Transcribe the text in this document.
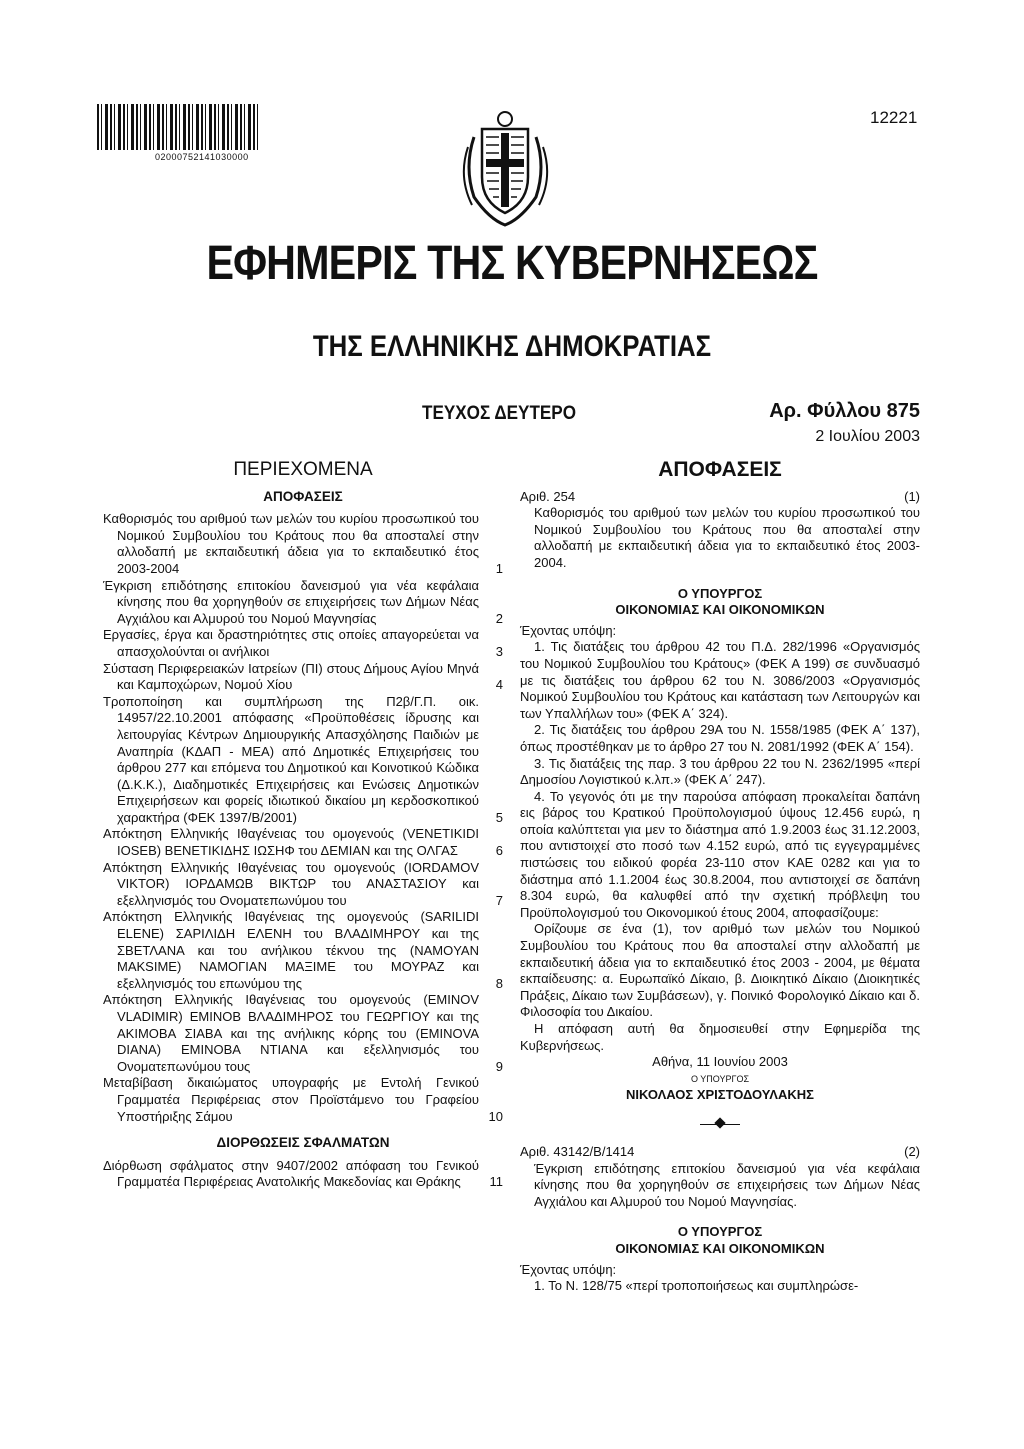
02000752141030000
12221
ΕΦΗΜΕΡΙΣ ΤΗΣ ΚΥΒΕΡΝΗΣΕΩΣ
ΤΗΣ ΕΛΛΗΝΙΚΗΣ ΔΗΜΟΚΡΑΤΙΑΣ
ΤΕΥΧΟΣ ΔΕΥΤΕΡΟ	Αρ. Φύλλου 875
2 Ιουλίου 2003
ΠΕΡΙΕΧΟΜΕΝΑ
ΑΠΟΦΑΣΕΙΣ
Καθορισμός του αριθμού των μελών του κυρίου προσωπικού του Νομικού Συμβουλίου του Κράτους που θα αποσταλεί στην αλλοδαπή με εκπαιδευτική άδεια για το εκπαιδευτικό έτος 2003-2004	1
Έγκριση επιδότησης επιτοκίου δανεισμού για νέα κεφάλαια κίνησης που θα χορηγηθούν σε επιχειρήσεις των Δήμων Νέας Αγχιάλου και Αλμυρού του Νομού Μαγνησίας	2
Εργασίες, έργα και δραστηριότητες στις οποίες απαγορεύεται να απασχολούνται οι ανήλικοι	3
Σύσταση Περιφερειακών Ιατρείων (ΠΙ) στους Δήμους Αγίου Μηνά και Καμποχώρων, Νομού Χίου	4
Τροποποίηση και συμπλήρωση της Π2β/Γ.Π. οικ. 14957/22.10.2001 απόφασης «Προϋποθέσεις ίδρυσης και λειτουργίας Κέντρων Δημιουργικής Απασχόλησης Παιδιών με Αναπηρία (ΚΔΑΠ - ΜΕΑ) από Δημοτικές Επιχειρήσεις του άρθρου 277 και επόμενα του Δημοτικού και Κοινοτικού Κώδικα (Δ.Κ.Κ.), Διαδημοτικές Επιχειρήσεις και Ενώσεις Δημοτικών Επιχειρήσεων και φορείς ιδιωτικού δικαίου μη κερδοσκοπικού χαρακτήρα (ΦΕΚ 1397/Β/2001)	5
Απόκτηση Ελληνικής Ιθαγένειας του ομογενούς (VENETIKIDI IOSEB) ΒΕΝΕΤΙΚΙΔΗΣ ΙΩΣΗΦ του ΔΕΜΙΑΝ και της ΟΛΓΑΣ	6
Απόκτηση Ελληνικής Ιθαγένειας του ομογενούς (IORDAMOV VIKTOR) ΙΟΡΔΑΜΩΒ ΒΙΚΤΩΡ του ΑΝΑΣΤΑΣΙΟΥ και εξελληνισμός του Ονοματεπωνύμου του	7
Απόκτηση Ελληνικής Ιθαγένειας της ομογενούς (SARILIDI ELENE) ΣΑΡΙΛΙΔΗ ΕΛΕΝΗ του ΒΛΑΔΙΜΗΡΟΥ και της ΣΒΕΤΛΑΝΑ και του ανήλικου τέκνου της (NAMOYAN MAKSIME) ΝΑΜΟΓΙΑΝ ΜΑΞΙΜΕ του ΜΟΥΡΑΖ και εξελληνισμός του επωνύμου της	8
Απόκτηση Ελληνικής Ιθαγένειας του ομογενούς (EMINOV VLADIMIR) ΕΜΙΝΟΒ ΒΛΑΔΙΜΗΡΟΣ του ΓΕΩΡΓΙΟΥ και της ΑΚΙΜΟΒΑ ΣΙΑΒΑ και της ανήλικης κόρης του (EMINOVA DIANA) ΕΜΙΝΟΒΑ ΝΤΙΑΝΑ και εξελληνισμός του Ονοματεπωνύμου τους	9
Μεταβίβαση δικαιώματος υπογραφής με Εντολή Γενικού Γραμματέα Περιφέρειας στον Προϊστάμενο του Γραφείου Υποστήριξης Σάμου	10
ΔΙΟΡΘΩΣΕΙΣ ΣΦΑΛΜΑΤΩΝ
Διόρθωση σφάλματος στην 9407/2002 απόφαση του Γενικού Γραμματέα Περιφέρειας Ανατολικής Μακεδονίας και Θράκης	11
ΑΠΟΦΑΣΕΙΣ
Αριθ. 254	(1)
Καθορισμός του αριθμού των μελών του κυρίου προσωπικού του Νομικού Συμβουλίου του Κράτους που θα αποσταλεί στην αλλοδαπή με εκπαιδευτική άδεια για το εκπαιδευτικό έτος 2003-2004.
Ο ΥΠΟΥΡΓΟΣ
ΟΙΚΟΝΟΜΙΑΣ ΚΑΙ ΟΙΚΟΝΟΜΙΚΩΝ
Έχοντας υπόψη:

1. Τις διατάξεις του άρθρου 42 του Π.Δ. 282/1996 «Οργανισμός του Νομικού Συμβουλίου του Κράτους» (ΦΕΚ Α 199) σε συνδυασμό με τις διατάξεις του άρθρου 62 του Ν. 3086/2003 «Οργανισμός Νομικού Συμβουλίου του Κράτους και κατάσταση των Λειτουργών και των Υπαλλήλων του» (ΦΕΚ Α΄ 324).

2. Τις διατάξεις του άρθρου 29Α του Ν. 1558/1985 (ΦΕΚ Α΄ 137), όπως προστέθηκαν με το άρθρο 27 του Ν. 2081/1992 (ΦΕΚ Α΄ 154).

3. Τις διατάξεις της παρ. 3 του άρθρου 22 του Ν. 2362/1995 «περί Δημοσίου Λογιστικού κ.λπ.» (ΦΕΚ Α΄ 247).

4. Το γεγονός ότι με την παρούσα απόφαση προκαλείται δαπάνη εις βάρος του Κρατικού Προϋπολογισμού ύψους 12.456 ευρώ, η οποία καλύπτεται για μεν το διάστημα από 1.9.2003 έως 31.12.2003, που αντιστοιχεί στο ποσό των 4.152 ευρώ, από τις εγγεγραμμένες πιστώσεις του ειδικού φορέα 23-110 στον ΚΑΕ 0282 και για το διάστημα από 1.1.2004 έως 30.8.2004, που αντιστοιχεί σε δαπάνη 8.304 ευρώ, θα καλυφθεί από την σχετική πρόβλεψη του Προϋπολογισμού του Οικονομικού έτους 2004, αποφασίζουμε:

Ορίζουμε σε ένα (1), τον αριθμό των μελών του Νομικού Συμβουλίου του Κράτους που θα αποσταλεί στην αλλοδαπή με εκπαιδευτική άδεια για το εκπαιδευτικό έτος 2003 - 2004, με θέματα εκπαίδευσης: α. Ευρωπαϊκό Δίκαιο, β. Διοικητικό Δίκαιο (Διοικητικές Πράξεις, Δίκαιο των Συμβάσεων), γ. Ποινικό Φορολογικό Δίκαιο και δ. Φιλοσοφία του Δικαίου.

Η απόφαση αυτή θα δημοσιευθεί στην Εφημερίδα της Κυβερνήσεως.

Αθήνα, 11 Ιουνίου 2003
Ο ΥΠΟΥΡΓΟΣ
ΝΙΚΟΛΑΟΣ ΧΡΙΣΤΟΔΟΥΛΑΚΗΣ
Αριθ. 43142/Β/1414	(2)
Έγκριση επιδότησης επιτοκίου δανεισμού για νέα κεφάλαια κίνησης που θα χορηγηθούν σε επιχειρήσεις των Δήμων Νέας Αγχιάλου και Αλμυρού του Νομού Μαγνησίας.
Ο ΥΠΟΥΡΓΟΣ
ΟΙΚΟΝΟΜΙΑΣ ΚΑΙ ΟΙΚΟΝΟΜΙΚΩΝ
Έχοντας υπόψη:

1. Το Ν. 128/75 «περί τροποποιήσεως και συμπληρώσε-
